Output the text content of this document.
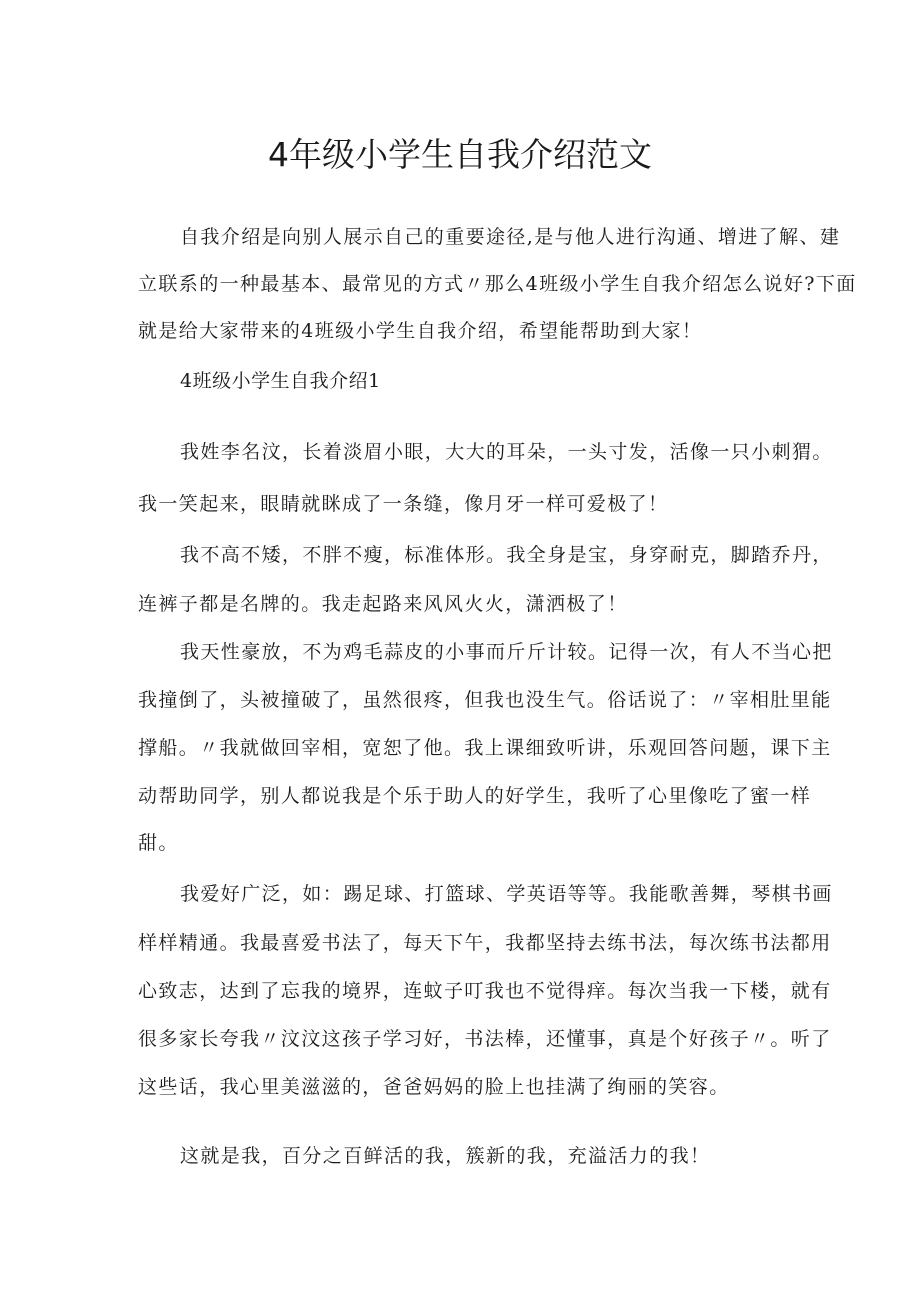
4年级小学生自我介绍范文
自我介绍是向别人展示自己的重要途径,是与他人进行沟通、增进了解、建
立联系的一种最基本、最常见的方式〃那么4班级小学生自我介绍怎么说好?下面
就是给大家带来的4班级小学生自我介绍，希望能帮助到大家！
4班级小学生自我介绍1
我姓李名汶，长着淡眉小眼，大大的耳朵，一头寸发，活像一只小刺猬。
我一笑起来，眼睛就眯成了一条缝，像月牙一样可爱极了！
我不高不矮，不胖不瘦，标准体形。我全身是宝，身穿耐克，脚踏乔丹，
连裤子都是名牌的。我走起路来风风火火，潇洒极了！
我天性豪放，不为鸡毛蒜皮的小事而斤斤计较。记得一次，有人不当心把
我撞倒了，头被撞破了，虽然很疼，但我也没生气。俗话说了：〃宰相肚里能
撑船。〃我就做回宰相，宽恕了他。我上课细致听讲，乐观回答问题，课下主
动帮助同学，别人都说我是个乐于助人的好学生，我听了心里像吃了蜜一样
甜。
我爱好广泛，如：踢足球、打篮球、学英语等等。我能歌善舞，琴棋书画
样样精通。我最喜爱书法了，每天下午，我都坚持去练书法，每次练书法都用
心致志，达到了忘我的境界，连蚊子叮我也不觉得痒。每次当我一下楼，就有
很多家长夸我〃汶汶这孩子学习好，书法棒，还懂事，真是个好孩子〃。听了
这些话，我心里美滋滋的，爸爸妈妈的脸上也挂满了绚丽的笑容。
这就是我，百分之百鲜活的我，簇新的我，充溢活力的我！
